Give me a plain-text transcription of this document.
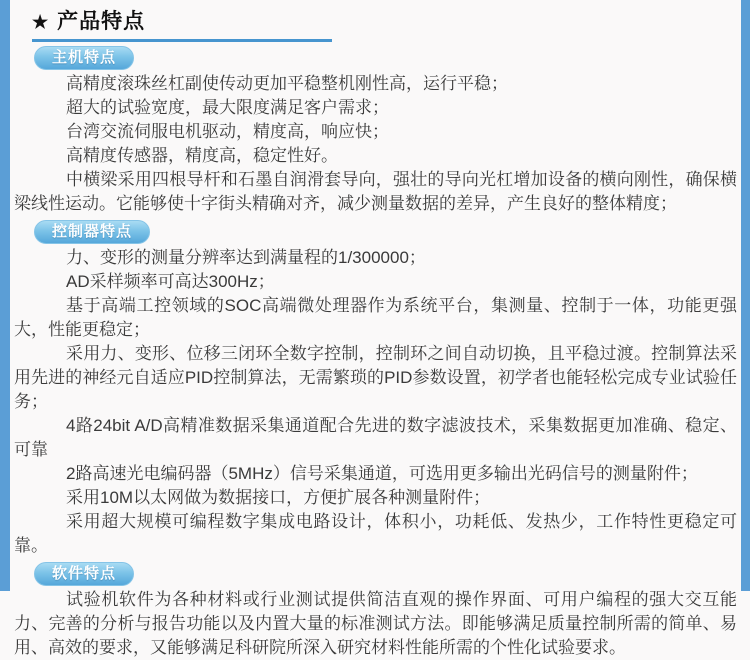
★ 产品特点
主机特点

高精度滚珠丝杠副使传动更加平稳整机刚性高，运行平稳；

超大的试验宽度，最大限度满足客户需求；

台湾交流伺服电机驱动，精度高，响应快；

高精度传感器，精度高，稳定性好。

中横梁采用四根导杆和石墨自润滑套导向，强壮的导向光杠增加设备的横向刚性，确保横梁线性运动。它能够使十字街头精确对齐，减少测量数据的差异，产生良好的整体精度；

控制器特点

力、变形的测量分辨率达到满量程的1/300000；

AD采样频率可高达300Hz；

基于高端工控领域的SOC高端微处理器作为系统平台，集测量、控制于一体，功能更强大，性能更稳定；

采用力、变形、位移三闭环全数字控制，控制环之间自动切换，且平稳过渡。控制算法采用先进的神经元自适应PID控制算法，无需繁琐的PID参数设置，初学者也能轻松完成专业试验任务；

4路24bit A/D高精准数据采集通道配合先进的数字滤波技术，采集数据更加准确、稳定、可靠

2路高速光电编码器（5MHz）信号采集通道，可选用更多输出光码信号的测量附件；

采用10M以太网做为数据接口，方便扩展各种测量附件；

采用超大规模可编程数字集成电路设计，体积小，功耗低、发热少，工作特性更稳定可靠。

软件特点

试验机软件为各种材料或行业测试提供简洁直观的操作界面、可用户编程的强大交互能力、完善的分析与报告功能以及内置大量的标准测试方法。即能够满足质量控制所需的简单、易用、高效的要求，又能够满足科研院所深入研究材料性能所需的个性化试验要求。
